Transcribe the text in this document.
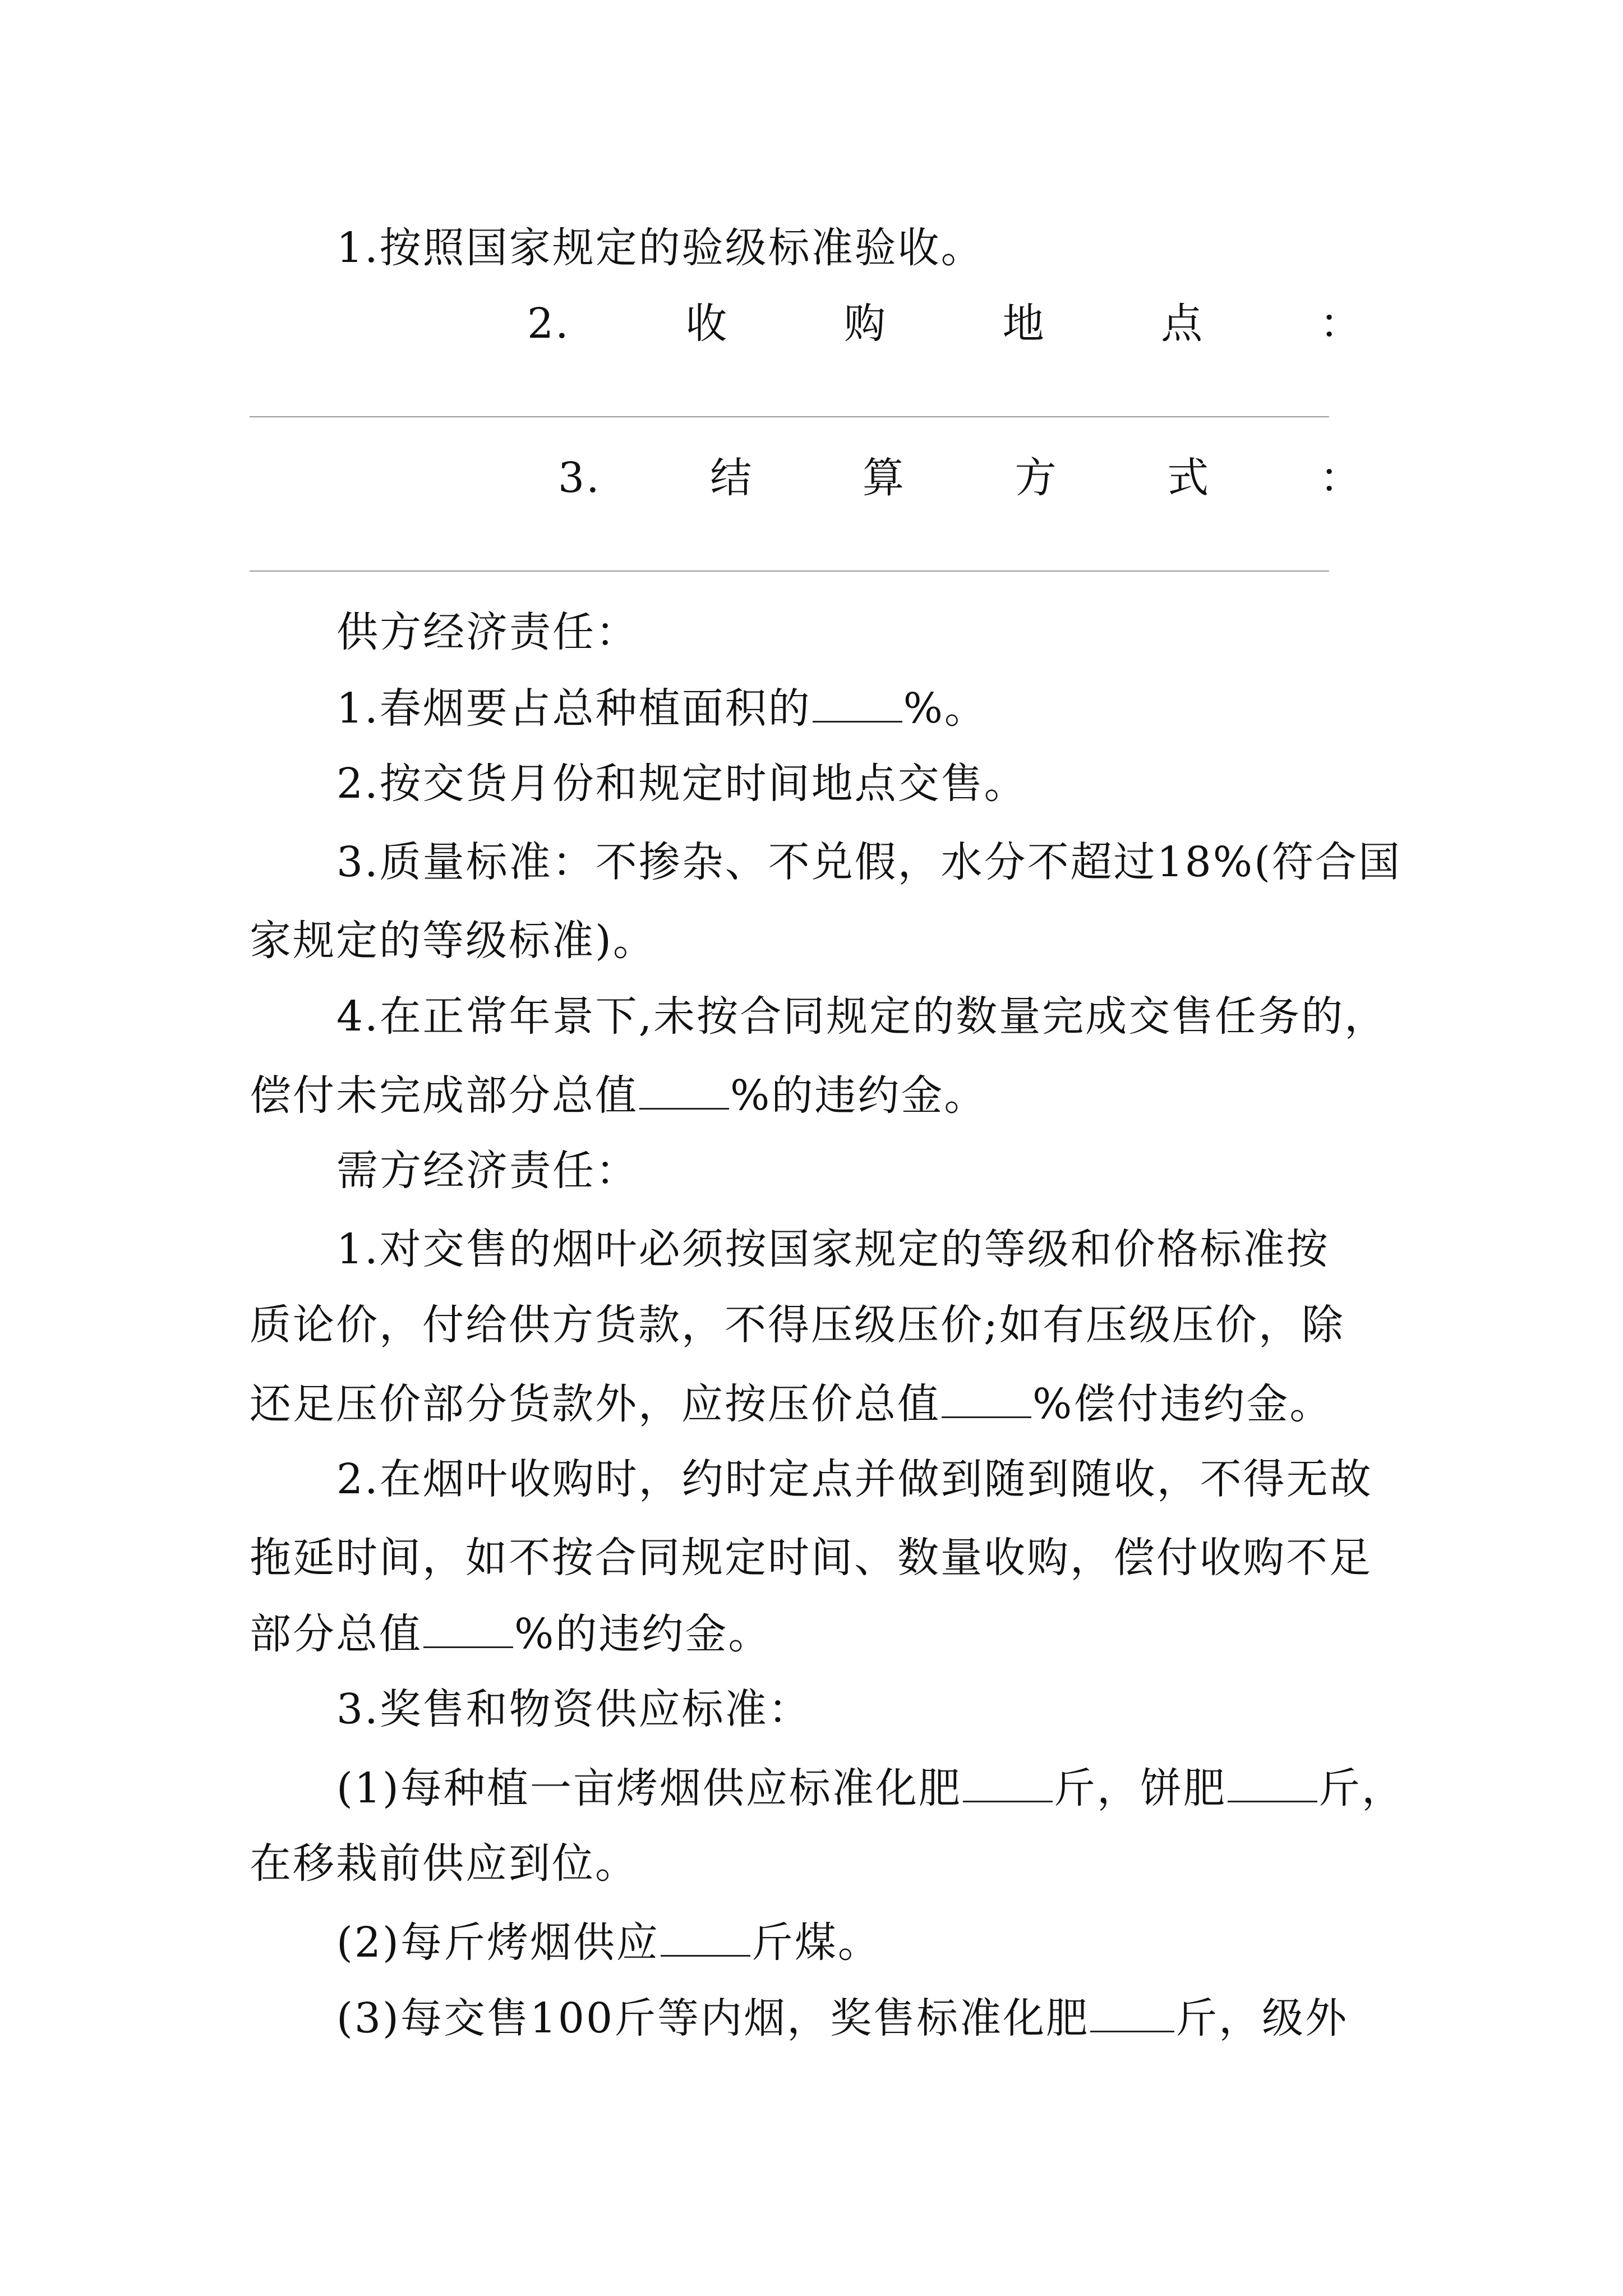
1.按照国家规定的验级标准验收。
2.	收	购	地	点	：
3.	结	算	方	式	：
供方经济责任：
1.春烟要占总种植面积的 %。
2.按交货月份和规定时间地点交售。
3.质量标准：不掺杂、不兑假，水分不超过18%(符合国
家规定的等级标准)。
4.在正常年景下,未按合同规定的数量完成交售任务的，
偿付未完成部分总值 %的违约金。
需方经济责任：
1.对交售的烟叶必须按国家规定的等级和价格标准按
质论价，付给供方货款，不得压级压价;如有压级压价，除
还足压价部分货款外，应按压价总值 %偿付违约金。
2.在烟叶收购时，约时定点并做到随到随收，不得无故
拖延时间，如不按合同规定时间、数量收购，偿付收购不足
部分总值 %的违约金。
3.奖售和物资供应标准：
(1)每种植一亩烤烟供应标准化肥 斤，饼肥 斤，
在移栽前供应到位。
(2)每斤烤烟供应 斤煤。
(3)每交售100斤等内烟，奖售标准化肥 斤，级外
